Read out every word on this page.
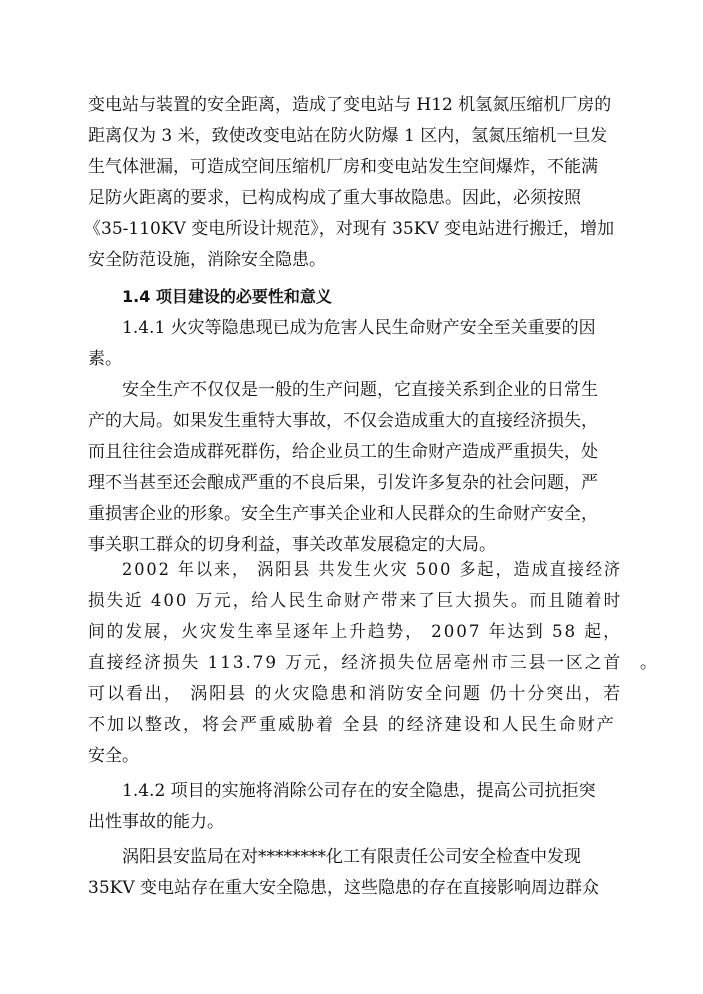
变电站与装置的安全距离，造成了变电站与 H12 机氢氮压缩机厂房的
距离仅为 3 米，致使改变电站在防火防爆 1 区内，氢氮压缩机一旦发
生气体泄漏，可造成空间压缩机厂房和变电站发生空间爆炸，不能满
足防火距离的要求，已构成构成了重大事故隐患。因此，必须按照
《35-110KV 变电所设计规范》，对现有 35KV 变电站进行搬迁，增加
安全防范设施，消除安全隐患。
1.4 项目建设的必要性和意义
1.4.1 火灾等隐患现已成为危害人民生命财产安全至关重要的因
素。
安全生产不仅仅是一般的生产问题，它直接关系到企业的日常生
产的大局。如果发生重特大事故，不仅会造成重大的直接经济损失，
而且往往会造成群死群伤，给企业员工的生命财产造成严重损失，处
理不当甚至还会酿成严重的不良后果，引发许多复杂的社会问题，严
重损害企业的形象。安全生产事关企业和人民群众的生命财产安全，
事关职工群众的切身利益，事关改革发展稳定的大局。
2002 年以来， 涡阳县 共发生火灾 500 多起，造成直接经济
损失近 400 万元，给人民生命财产带来了巨大损失。而且随着时
间的发展，火灾发生率呈逐年上升趋势， 2007 年达到 58 起，
直接经济损失 113.79 万元，经济损失位居亳州市三县一区之首 。
可以看出， 涡阳县 的火灾隐患和消防安全问题 仍十分突出，若
不加以整改，将会严重威胁着 全县 的经济建设和人民生命财产
安全。
1.4.2 项目的实施将消除公司存在的安全隐患，提高公司抗拒突
出性事故的能力。
涡阳县安监局在对********化工有限责任公司安全检查中发现
35KV 变电站存在重大安全隐患，这些隐患的存在直接影响周边群众
